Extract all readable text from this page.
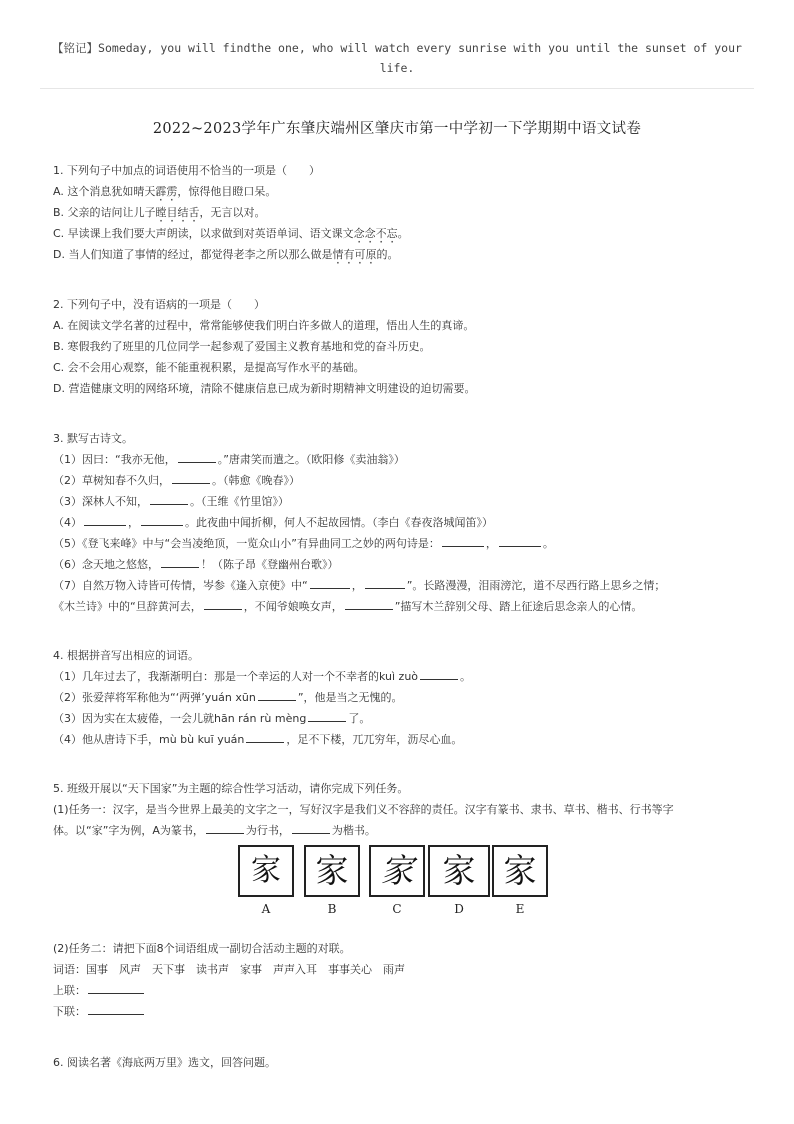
【铭记】Someday, you will findthe one, who will watch every sunrise with you until the sunset of your life.
2022~2023学年广东肇庆端州区肇庆市第一中学初一下学期期中语文试卷
1. 下列句子中加点的词语使用不恰当的一项是（　　）
A. 这个消息犹如晴天霹雳，惊得他目瞪口呆。
B. 父亲的诘问让儿子瞠目结舌，无言以对。
C. 早读课上我们要大声朗读，以求做到对英语单词、语文课文念念不忘。
D. 当人们知道了事情的经过，都觉得老李之所以那么做是情有可原的。
2. 下列句子中，没有语病的一项是（　　）
A. 在阅读文学名著的过程中，常常能够使我们明白许多做人的道理，悟出人生的真谛。
B. 寒假我约了班里的几位同学一起参观了爱国主义教育基地和党的奋斗历史。
C. 会不会用心观察，能不能重视积累，是提高写作水平的基础。
D. 营造健康文明的网络环境，清除不健康信息已成为新时期精神文明建设的迫切需要。
3. 默写古诗文。
（1）因曰：“我亦无他，	。”唐肃笑而遣之。（欧阳修《卖油翁》）
（2）草树知春不久归，	。（韩愈《晚春》）
（3）深林人不知，	。（王维《竹里馆》）
（4）	，	。此夜曲中闻折柳，何人不起故园情。（李白《春夜洛城闻笛》）
（5）《登飞来峰》中与“会当凌绝顶，一览众山小”有异曲同工之妙的两句诗是：	，	。
（6）念天地之悠悠，	！（陈子昂《登幽州台歌》）
（7）自然万物入诗皆可传情，岑参《逢入京使》中“	，	”。长路漫漫，泪雨滂沱，道不尽西行路上思乡之情；
《木兰诗》中的“旦辞黄河去，	，不闻爷娘唤女声，	”描写木兰辞别父母、踏上征途后思念亲人的心情。
4. 根据拼音写出相应的词语。
（1）几年过去了，我渐渐明白：那是一个幸运的人对一个不幸者的kuì zuò	。
（2）张爱萍将军称他为“‘两弹’yuán xūn	”，他是当之无愧的。
（3）因为实在太疲倦，一会儿就hān rán rù mèng	了。
（4）他从唐诗下手，mù bù kuī yuán	，足不下楼，兀兀穷年，沥尽心血。
5. 班级开展以“天下国家”为主题的综合性学习活动，请你完成下列任务。
(1)任务一：汉字，是当今世界上最美的文字之一，写好汉字是我们义不容辞的责任。汉字有篆书、隶书、草书、楷书、行书等字
体。以“家”字为例，A为篆书，	为行书，	为楷书。
家
A
家
B
家
C
家
D
家
E
(2)任务二：请把下面8个词语组成一副切合活动主题的对联。
词语：国事　风声　天下事　读书声　家事　声声入耳　事事关心　雨声
上联：
下联：
6. 阅读名著《海底两万里》选文，回答问题。
